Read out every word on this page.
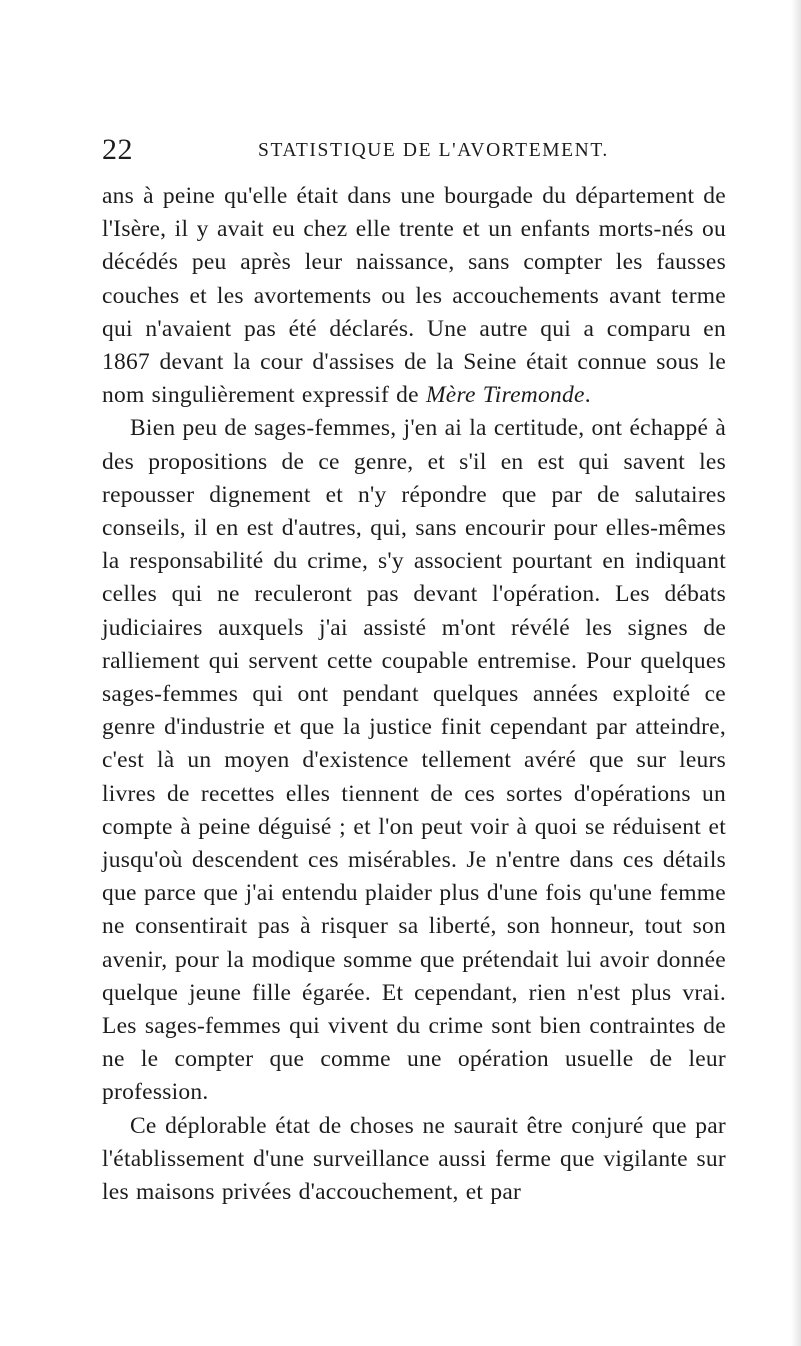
22	STATISTIQUE DE L'AVORTEMENT.

ans à peine qu'elle était dans une bourgade du département de l'Isère, il y avait eu chez elle trente et un enfants morts-nés ou décédés peu après leur naissance, sans compter les fausses couches et les avortements ou les accouchements avant terme qui n'avaient pas été déclarés. Une autre qui a comparu en 1867 devant la cour d'assises de la Seine était connue sous le nom singulièrement expressif de Mère Tiremonde.

Bien peu de sages-femmes, j'en ai la certitude, ont échappé à des propositions de ce genre, et s'il en est qui savent les repousser dignement et n'y répondre que par de salutaires conseils, il en est d'autres, qui, sans encourir pour elles-mêmes la responsabilité du crime, s'y associent pourtant en indiquant celles qui ne reculeront pas devant l'opération. Les débats judiciaires auxquels j'ai assisté m'ont révélé les signes de ralliement qui servent cette coupable entremise. Pour quelques sages-femmes qui ont pendant quelques années exploité ce genre d'industrie et que la justice finit cependant par atteindre, c'est là un moyen d'existence tellement avéré que sur leurs livres de recettes elles tiennent de ces sortes d'opérations un compte à peine déguisé ; et l'on peut voir à quoi se réduisent et jusqu'où descendent ces misérables. Je n'entre dans ces détails que parce que j'ai entendu plaider plus d'une fois qu'une femme ne consentirait pas à risquer sa liberté, son honneur, tout son avenir, pour la modique somme que prétendait lui avoir donnée quelque jeune fille égarée. Et cependant, rien n'est plus vrai. Les sages-femmes qui vivent du crime sont bien contraintes de ne le compter que comme une opération usuelle de leur profession.

Ce déplorable état de choses ne saurait être conjuré que par l'établissement d'une surveillance aussi ferme que vigilante sur les maisons privées d'accouchement, et par
